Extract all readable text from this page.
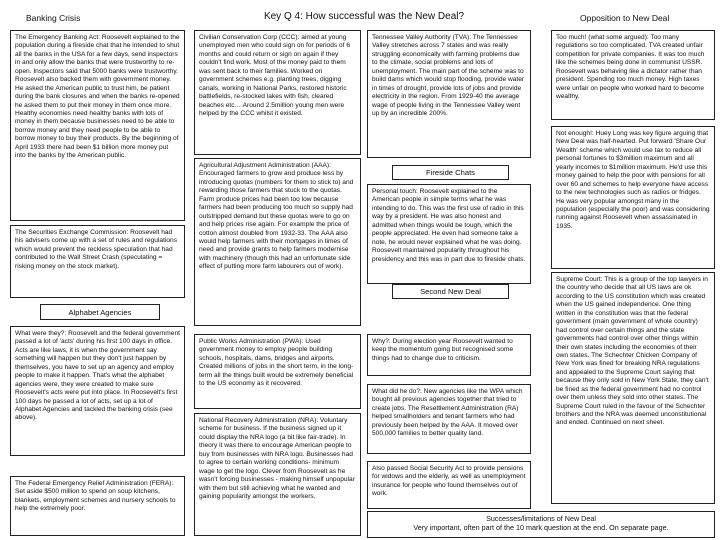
Banking Crisis	Key Q 4: How successful was the New Deal?	Opposition to New Deal

The Emergency Banking Act: Roosevelt explained to the population during a fireside chat that he intended to shut all the banks in the USA for a few days, send inspectors in and only allow the banks that were trustworthy to re-open. Inspectors said that 5000 banks were trustworthy. Roosevelt also backed them with government money. He asked the American public to trust him, be patient during the bank closures and when the banks re-opened he asked them to put their money in them once more. Healthy economies need healthy banks with lots of money in them because businesses need to be able to borrow money and they need people to be able to borrow money to buy their products. By the beginning of April 1933 there had been $1 billion more money put into the banks by the American public.

The Securities Exchange Commission: Roosevelt had his advisers come up with a set of rules and regulations which would prevent the reckless speculation that had contributed to the Wall Street Crash (speculating = risking money on the stock market).

Alphabet Agencies

What were they?: Roosevelt and the federal government passed a lot of 'acts' during his first 100 days in office. Acts are like laws, it is when the government say something will happen but they don't just happen by themselves, you have to set up an agency and employ people to make it happen. That's what the alphabet agencies were, they were created to make sure Roosevelt's acts were put into place. In Roosevelt's first 100 days he passed a lot of acts, set up a lot of Alphabet Agencies and tackled the banking crisis (see above).

The Federal Emergency Relief Administration (FERA): Set aside $500 million to spend on soup kitchens, blankets, employment schemes and nursery schools to help the extremely poor.

Civilian Conservation Corp (CCC): aimed at young unemployed men who could sign on for periods of 6 months and could return or sign on again if they couldn't find work. Most of the money paid to them was sent back to their families. Worked on government schemes e.g. planting trees, digging canals, working in National Parks, restored historic battlefields, re-stocked lakes with fish, cleared beaches etc… Around 2.5million young men were helped by the CCC whilst it existed.

Agricultural Adjustment Administration (AAA): Encouraged farmers to grow and produce less by introducing quotas (numbers for them to stick to) and rewarding those farmers that stuck to the quotas. Farm produce prices had been too low because farmers had been producing too much so supply had outstripped demand but these quotas were to go on and help prices rise again. For example the price of cotton almost doubled from 1932-33. The AAA also would help farmers with their mortgages in times of need and provide grants to help farmers modernise with machinery (though this had an unfortunate side effect of putting more farm labourers out of work).

Public Works Administration (PWA): Used government money to employ people building schools, hospitals, dams, bridges and airports. Created millions of jobs in the short term, in the long-term all the things built would be extremely beneficial to the US economy as it recovered.

National Recovery Administration (NRA): Voluntary scheme for business. If the business signed up it could display the NRA logo (a bit like fair-trade). In theory it was there to encourage American people to buy from businesses with NRA logo. Businesses had to agree to certain working conditions- minimum wage to get the logo. Clever from Roosevelt as he wasn't forcing businesses - making himself unpopular with them but still achieving what he wanted and gaining popularity amongst the workers.

Tennessee Valley Authority (TVA): The Tennessee Valley stretches across 7 states and was really struggling economically with farming problems due to the climate, social problems and lots of unemployment. The main part of the scheme was to build dams which would stop flooding, provide water in times of drought, provide lots of jobs and provide electricity in the region. From 1929-40 the average wage of people living in the Tennessee Valley went up by an incredible 200%.

Fireside Chats

Personal touch: Roosevelt explained to the American people in simple terms what he was intending to do. This was the first use of radio in this way by a president. He was also honest and admitted when things would be tough, which the people appreciated. He even had someone take a note, he would never explained what he was doing. Roosevelt maintained popularity throughout his presidency and this was in part due to fireside chats.

Second New Deal

Why?: During election year Roosevelt wanted to keep the momentum going but recognised some things had to change due to criticism.

What did he do?: New agencies like the WPA which bought all previous agencies together that tried to create jobs. The Resettlement Administration (RA) helped smallholders and tenant farmers who had previously been helped by the AAA. It moved over 500,000 families to better quality land.

Also passed Social Security Act to provide pensions for widows and the elderly, as well as unemployment insurance for people who found themselves out of work.

Too much! (what some argued): Too many regulations so too complicated. TVA created unfair competition for private companies. It was too much like the schemes being done in communist USSR. Roosevelt was behaving like a dictator rather than president. Spending too much money. High taxes were unfair on people who worked hard to become wealthy.

Not enough!: Huey Long was key figure arguing that New Deal was half-hearted. Put forward 'Share Our Wealth' scheme which would use tax to reduce all personal fortunes to $3million maximum and all yearly incomes to $1million maximum. He'd use this money gained to help the poor with pensions for all over 60 and schemes to help everyone have access to the new technologies such as radios or fridges. He was very popular amongst many in the population (especially the poor) and was considering running against Roosevelt when assassinated in 1935.

Supreme Court: This is a group of the top lawyers in the country who decide that all US laws are ok according to the US constitution which was created when the US gained independence. One thing written in the constitution was that the federal government (main government of whole country) had control over certain things and the state governments had control over other things within their own states including the economies of their own states. The Schechter Chicken Company of New York was fined for breaking NRA regulations and appealed to the Supreme Court saying that because they only sold in New York State, they can't be fined as the federal government had no control over them unless they sold into other states. The Supreme Court ruled in the favour of the Schechter brothers and the NRA was deemed unconstitutional and ended. Continued on next sheet.

Successes/limitations of New Deal

Very important, often part of the 10 mark question at the end. On separate page.
